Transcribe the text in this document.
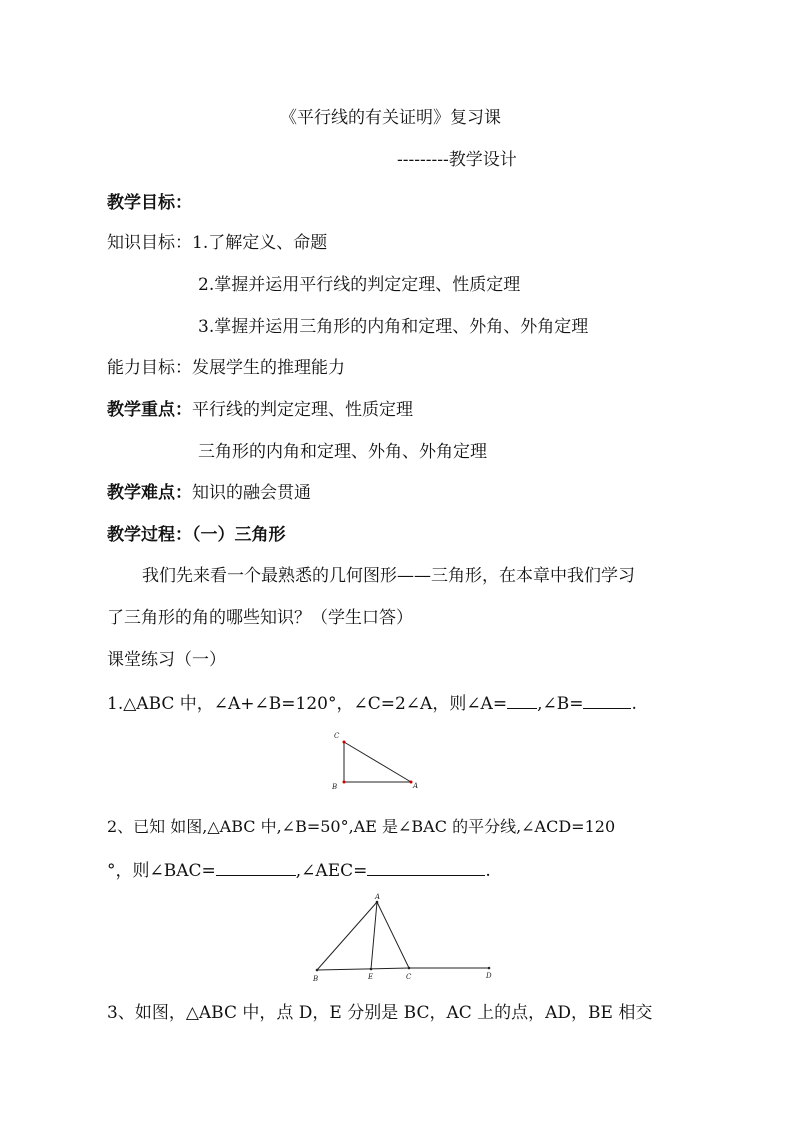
《平行线的有关证明》复习课
---------教学设计
教学目标：
知识目标：1.了解定义、命题
2.掌握并运用平行线的判定定理、性质定理
3.掌握并运用三角形的内角和定理、外角、外角定理
能力目标：发展学生的推理能力
教学重点：平行线的判定定理、性质定理
三角形的内角和定理、外角、外角定理
教学难点：知识的融会贯通
教学过程：（一）三角形
我们先来看一个最熟悉的几何图形——三角形，在本章中我们学习
了三角形的角的哪些知识？（学生口答）
课堂练习（一）
1.△ABC 中，∠A+∠B=120°，∠C=2∠A，则∠A= ,∠B=	.
C
B	A
2、已知 如图,△ABC 中,∠B=50°,AE 是∠BAC 的平分线,∠ACD=120
°，则∠BAC=	,∠AEC=	.
A
B	E	C	D
3、如图，△ABC 中，点 D，E 分别是 BC，AC 上的点，AD，BE 相交
